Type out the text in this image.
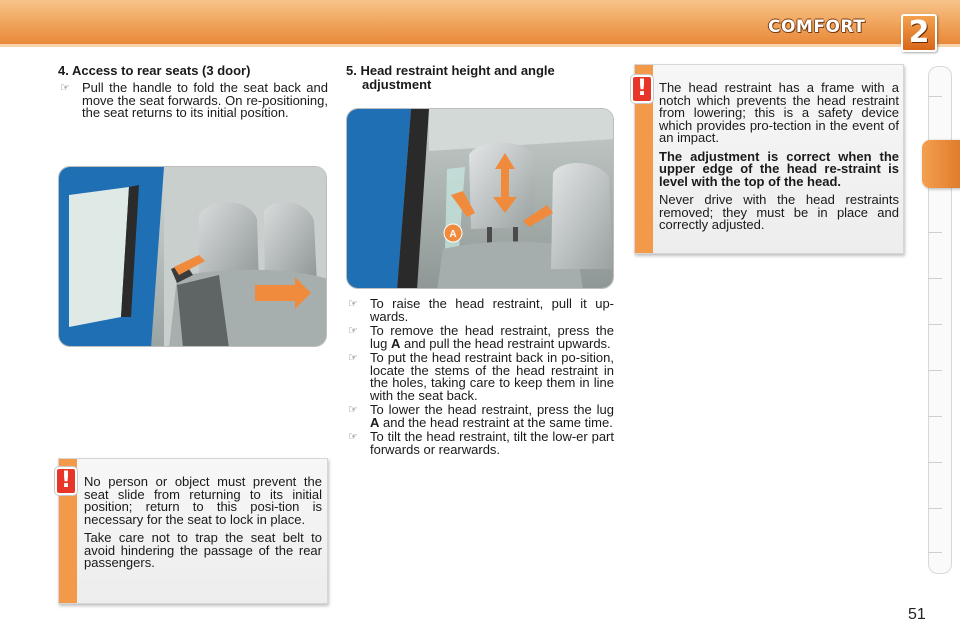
COMFORT 2
4. Access to rear seats (3 door)
☞ Pull the handle to fold the seat back and move the seat forwards. On re-positioning, the seat returns to its initial position.
! No person or object must prevent the seat slide from returning to its initial position; return to this posi-tion is necessary for the seat to lock in place.

Take care not to trap the seat belt to avoid hindering the passage of the rear passengers.

5. Head restraint height and angle adjustment
A
☞ To raise the head restraint, pull it up-wards.
☞ To remove the head restraint, press the lug A and pull the head restraint upwards.
☞ To put the head restraint back in po-sition, locate the stems of the head restraint in the holes, taking care to keep them in line with the seat back.
☞ To lower the head restraint, press the lug A and the head restraint at the same time.
☞ To tilt the head restraint, tilt the low-er part forwards or rearwards.
! The head restraint has a frame with a notch which prevents the head restraint from lowering; this is a safety device which provides pro-tection in the event of an impact.

The adjustment is correct when the upper edge of the head re-straint is level with the top of the head.

Never drive with the head restraints removed; they must be in place and correctly adjusted.

51
